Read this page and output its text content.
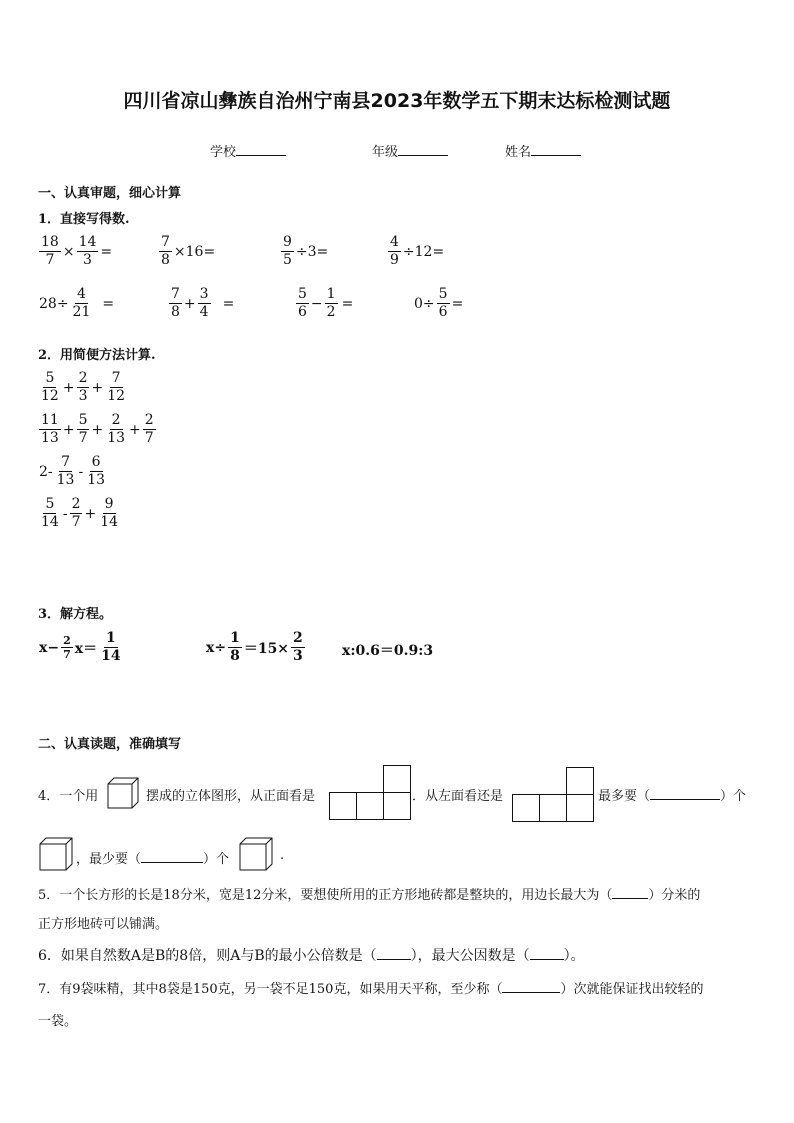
四川省凉山彝族自治州宁南县2023年数学五下期末达标检测试题
学校	年级	姓名
一、认真审题，细心计算
1．直接写得数.
$\frac{18}{7} \times \frac{14}{3}$ =	$\frac{7}{8} \times 16=$	$\frac{9}{5} \div 3=$	$\frac{4}{9} \div 12=$
$28\div \frac{4}{21}$ =	$\frac{7}{8} + \frac{3}{4}$ =	$\frac{5}{6} - \frac{1}{2}$ =	$0\div \frac{5}{6}$ =
2．用简便方法计算.
$\frac{5}{12} + \frac{2}{3} + \frac{7}{12}$
$\frac{11}{13} + \frac{5}{7} + \frac{2}{13} + \frac{2}{7}$
$2- \frac{7}{13} - \frac{6}{13}$
$\frac{5}{14} - \frac{2}{7} + \frac{9}{14}$
3．解方程。
$x- \frac{2}{7} x= \frac{1}{14}$	$x\div \frac{1}{8} =15\times \frac{2}{3}$	x:0.6＝0.9:3
二、认真读题，准确填写
4．一个用	摆成的立体图形，从正面看是	．从左面看还是	最多要（	）个
，最少要（	）个	.
5．一个长方形的长是18分米，宽是12分米，要想使所用的正方形地砖都是整块的，用边长最大为（	）分米的
正方形地砖可以铺满。
6．如果自然数A是B的8倍，则A与B的最小公倍数是（ ），最大公因数是（ ）。
7．有9袋味精，其中8袋是150克，另一袋不足150克，如果用天平称，至少称（	）次就能保证找出较轻的
一袋。
